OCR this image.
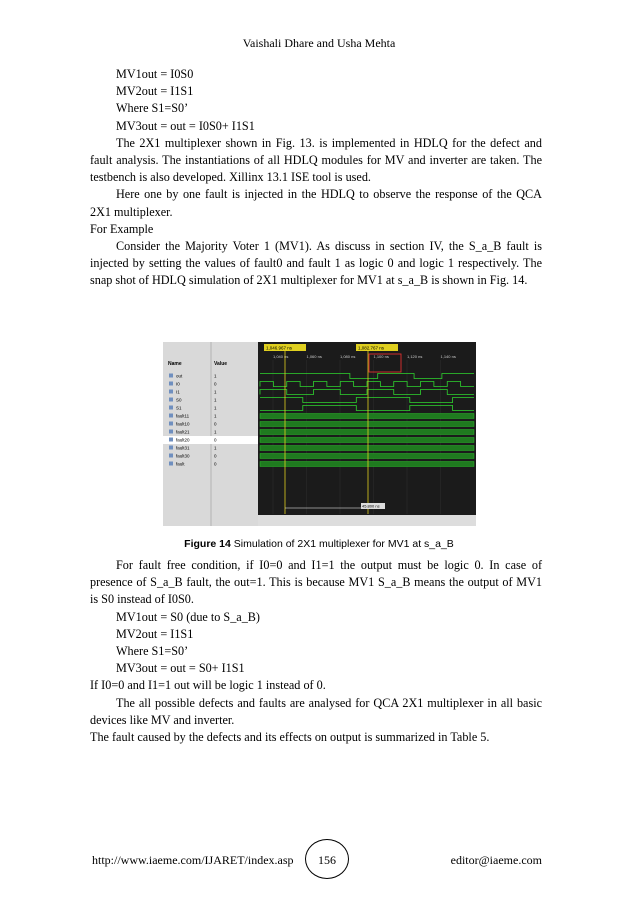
Vaishali Dhare and Usha Mehta

MV1out = I0S0

MV2out = I1S1

Where S1=S0’

MV3out = out = I0S0+ I1S1

The 2X1 multiplexer shown in Fig. 13. is implemented in HDLQ for the defect and fault analysis. The instantiations of all HDLQ modules for MV and inverter are taken. The testbench is also developed. Xillinx 13.1 ISE tool is used.

Here one by one fault is injected in the HDLQ to observe the response of the QCA 2X1 multiplexer.

For Example

Consider the Majority Voter 1 (MV1). As discuss in section IV, the S_a_B fault is injected by setting the values of fault0 and fault 1 as logic 0 and logic 1 respectively. The snap shot of HDLQ simulation of 2X1 multiplexer for MV1 at s_a_B is shown in Fig. 14.

Name	Value
out	1
I0	0
I1	1
S0	1
S1	1
fault11	1
fault10	0
fault21	1
fault20	0
fault31	1
fault30	0
fault	0
1,040 ns	1,060 ns	1,080 ns	1,100 ns	1,120 ns	1,140 ns
1,046.967 ns	1,082.767 ns
45.800 ns
Figure 14 Simulation of 2X1 multiplexer for MV1 at s_a_B

For fault free condition, if I0=0 and I1=1 the output must be logic 0. In case of presence of S_a_B fault, the out=1. This is because MV1 S_a_B means the output of MV1 is S0 instead of I0S0.

MV1out = S0 (due to S_a_B)

MV2out = I1S1

Where S1=S0’

MV3out = out = S0+ I1S1

If I0=0 and I1=1 out will be logic 1 instead of 0.

The all possible defects and faults are analysed for QCA 2X1 multiplexer in all basic devices like MV and inverter.

The fault caused by the defects and its effects on output is summarized in Table 5.

http://www.iaeme.com/IJARET/index.asp	156	editor@iaeme.com
